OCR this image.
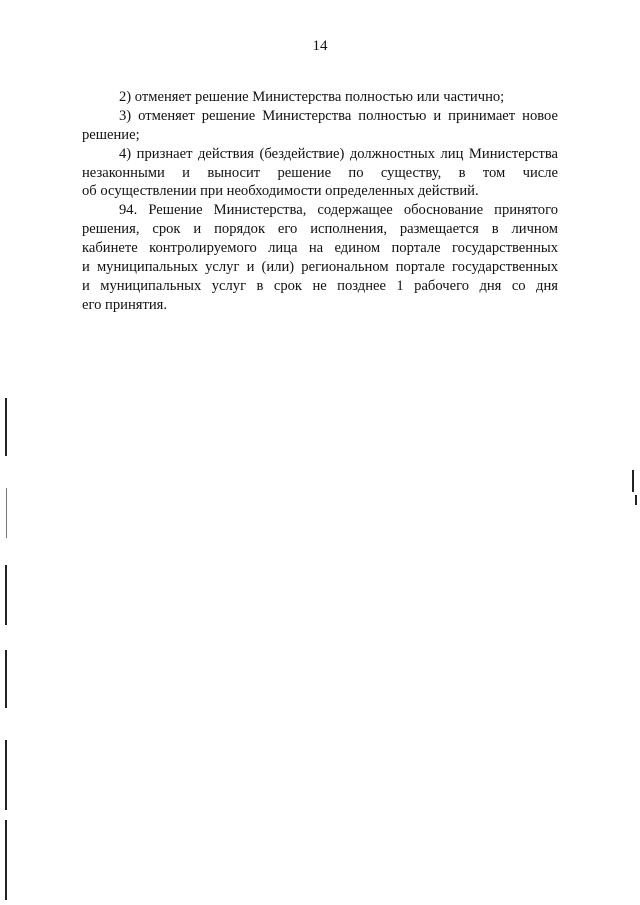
14
2) отменяет решение Министерства полностью или частично;
3) отменяет решение Министерства полностью и принимает новое
решение;
4) признает действия (бездействие) должностных лиц Министерства
незаконными и выносит решение по существу, в том числе
об осуществлении при необходимости определенных действий.
94. Решение Министерства, содержащее обоснование принятого
решения, срок и порядок его исполнения, размещается в личном
кабинете контролируемого лица на едином портале государственных
и муниципальных услуг и (или) региональном портале государственных
и муниципальных услуг в срок не позднее 1 рабочего дня со дня
его принятия.
